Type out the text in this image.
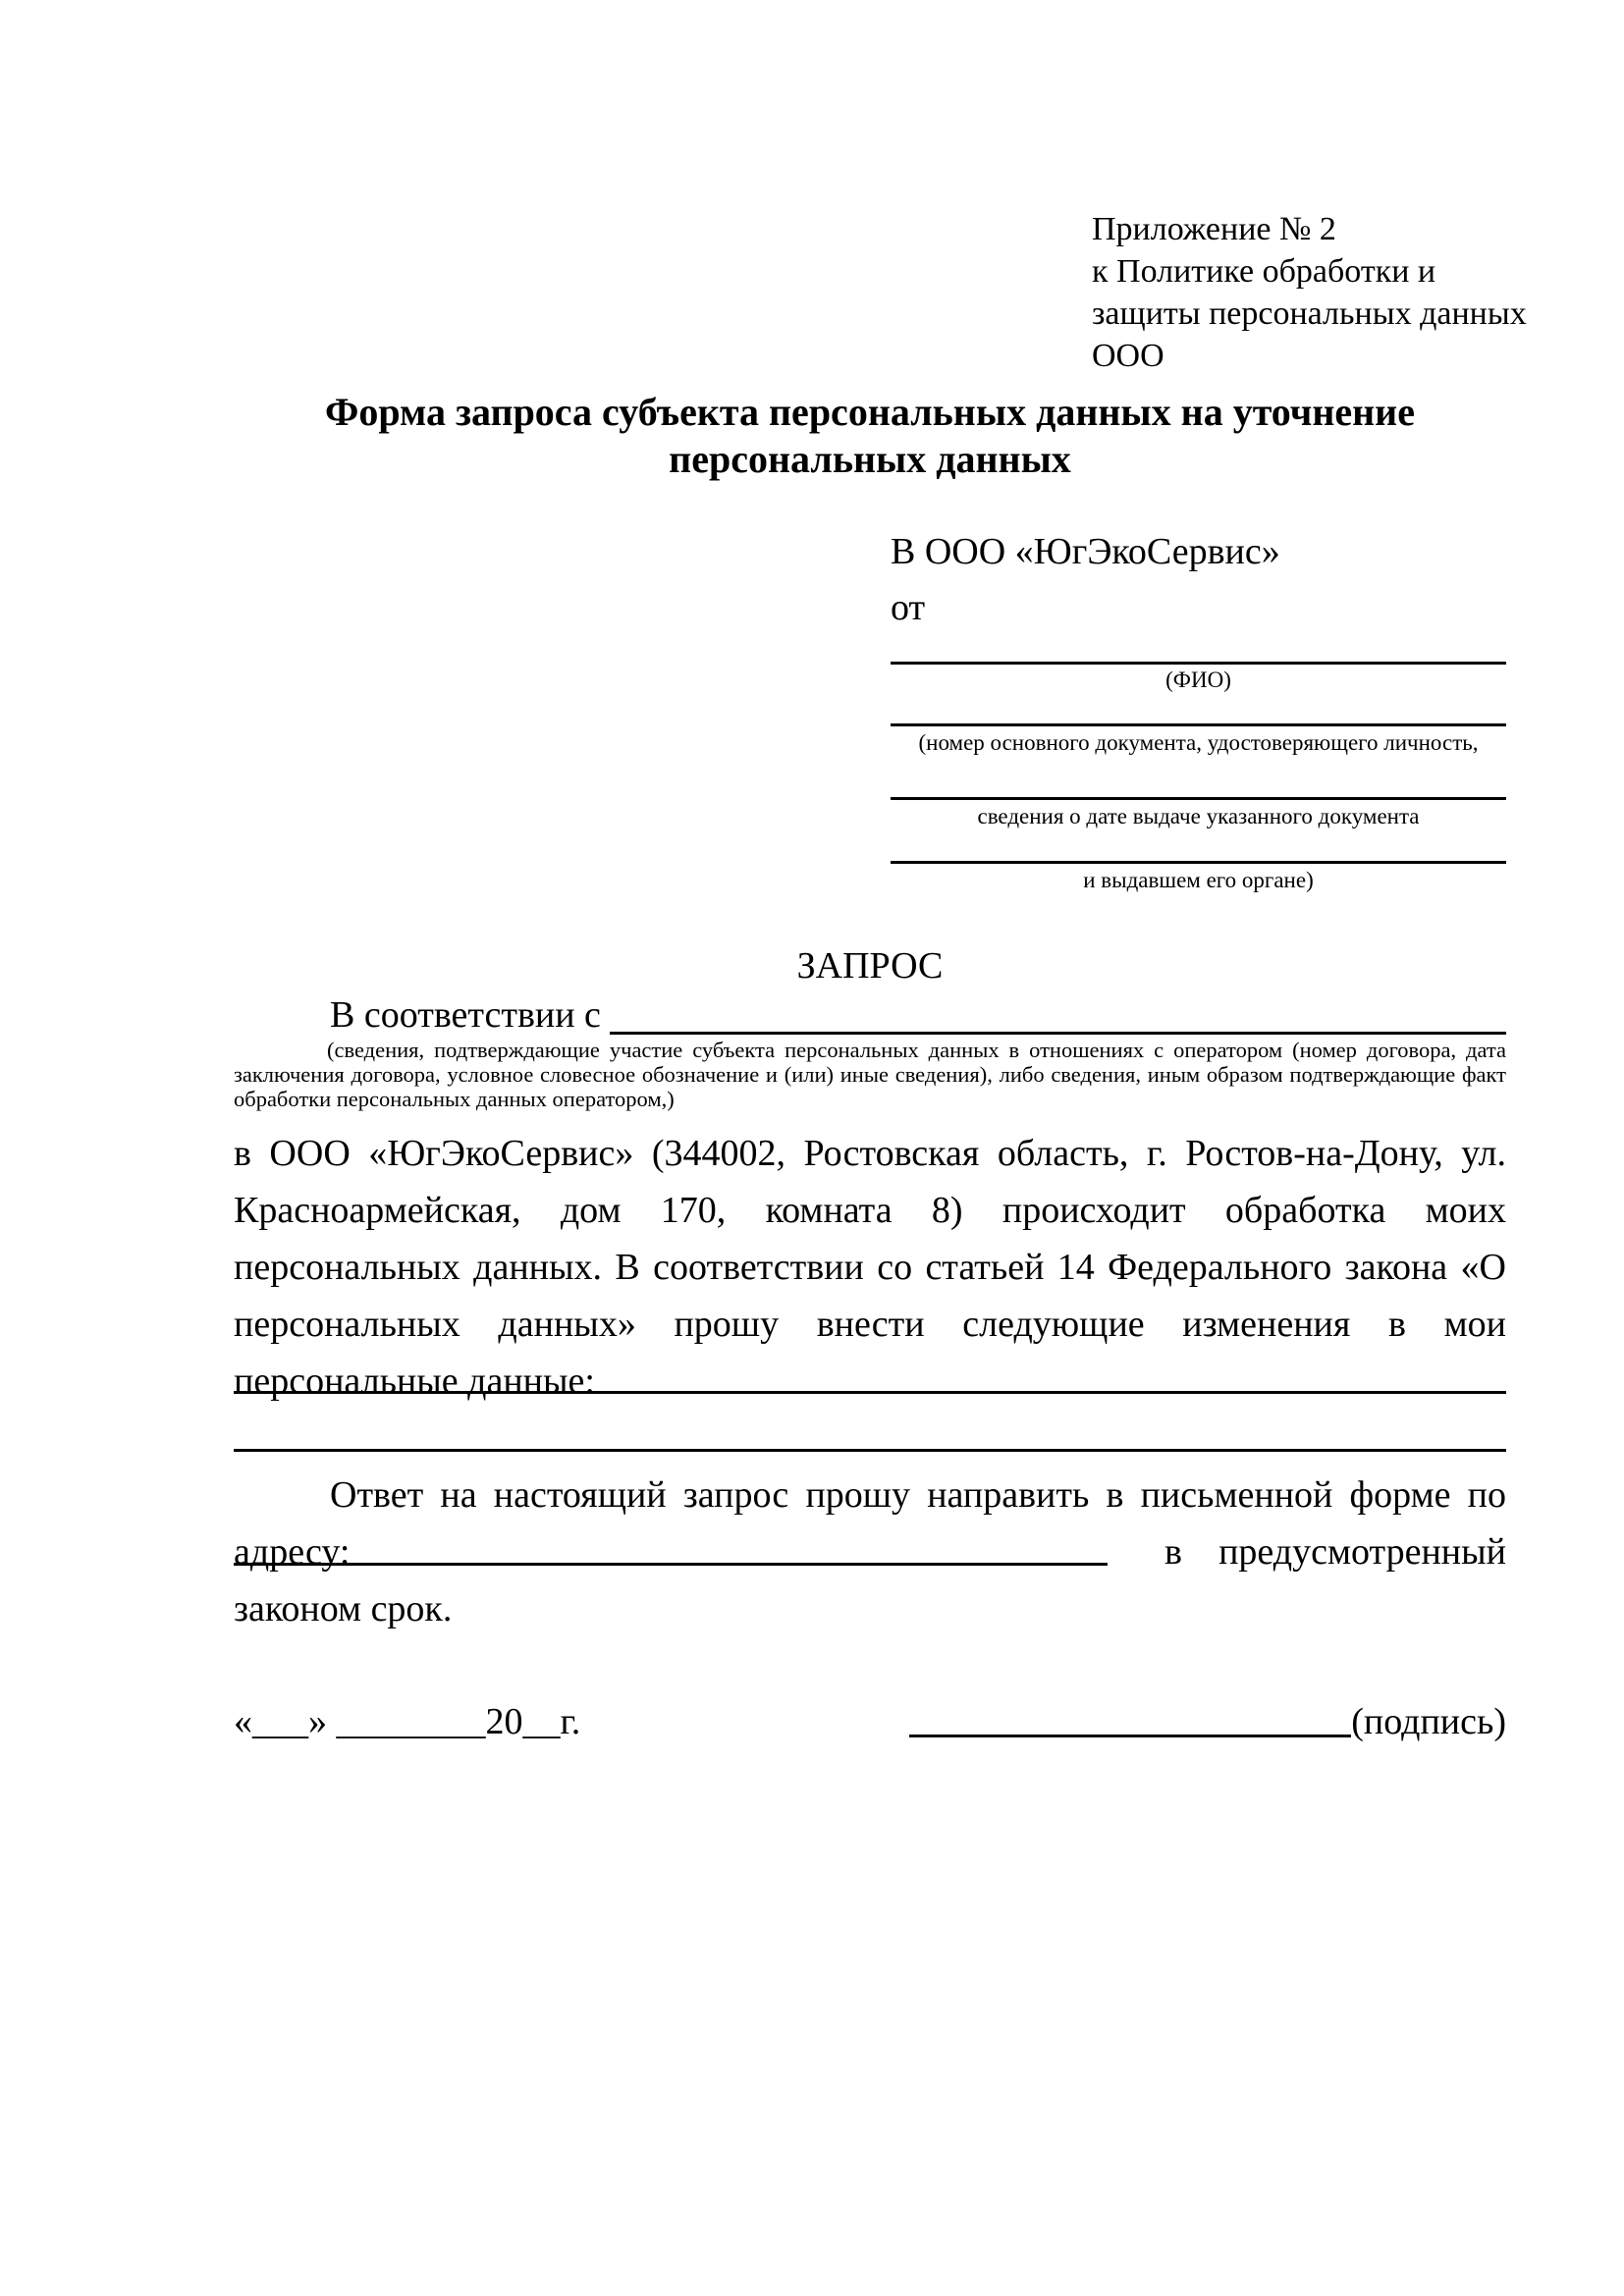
Приложение № 2
к Политике обработки и
защиты персональных данных
ООО
Форма запроса субъекта персональных данных на уточнение
персональных данных
В ООО «ЮгЭкоСервис»
от
(ФИО)
(номер основного документа, удостоверяющего личность,
сведения о дате выдаче указанного документа
и выдавшем его органе)
ЗАПРОС
В соответствии с
(сведения, подтверждающие участие субъекта персональных данных в отношениях с оператором (номер договора, дата заключения договора, условное словесное обозначение и (или) иные сведения), либо сведения, иным образом подтверждающие факт обработки персональных данных оператором,)
в ООО «ЮгЭкоСервис» (344002, Ростовская область, г. Ростов-на-Дону, ул. Красноармейская, дом 170, комната 8) происходит обработка моих персональных данных. В соответствии со статьей 14 Федерального закона «О персональных данных» прошу внести следующие изменения в мои персональные данные:
Ответ на настоящий запрос прошу направить в письменной форме по адресу:	в предусмотренный
законом срок.
«___» ________20__г.	(подпись)
